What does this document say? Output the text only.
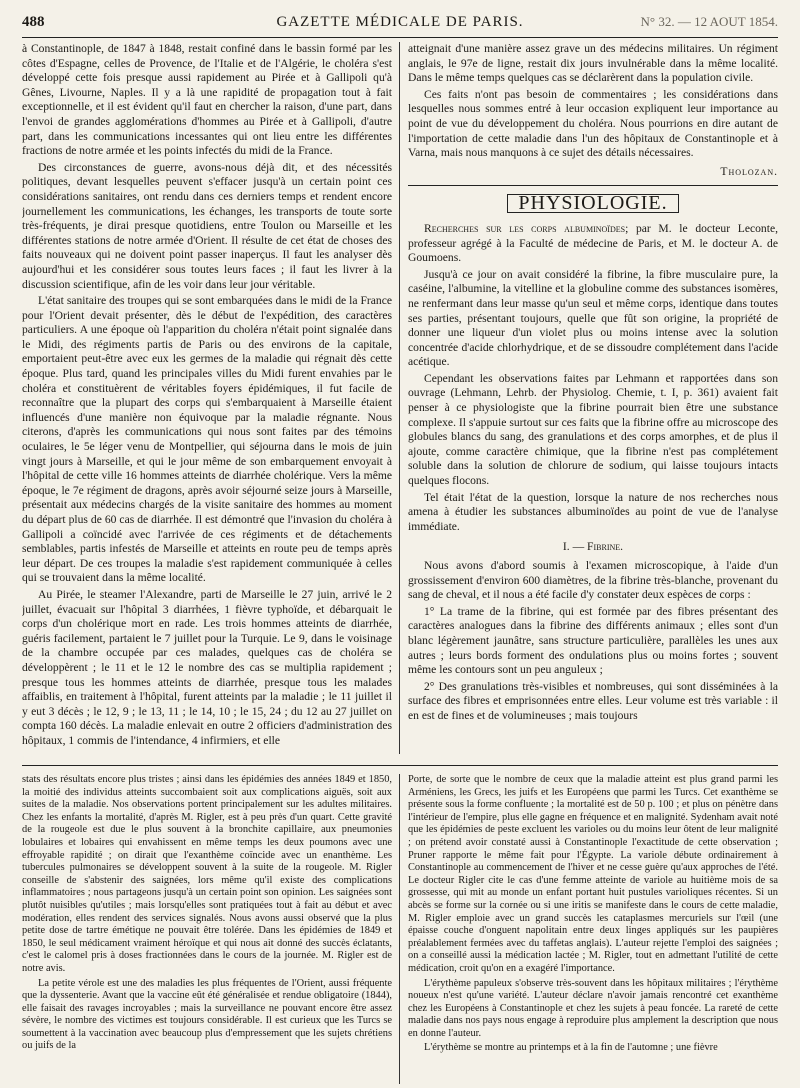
488	GAZETTE MÉDICALE DE PARIS.	N° 32. — 12 AOUT 1854.

à Constantinople, de 1847 à 1848, restait confiné dans le bassin formé par les côtes d'Espagne, celles de Provence, de l'Italie et de l'Algérie, le choléra s'est développé cette fois presque aussi rapidement au Pirée et à Gallipoli qu'à Gênes, Livourne, Naples. Il y a là une rapidité de propagation tout à fait exceptionnelle, et il est évident qu'il faut en chercher la raison, d'une part, dans l'envoi de grandes agglomérations d'hommes au Pirée et à Gallipoli, d'autre part, dans les communications incessantes qui ont lieu entre les différentes fractions de notre armée et les points infectés du midi de la France.

Des circonstances de guerre, avons-nous déjà dit, et des nécessités politiques, devant lesquelles peuvent s'effacer jusqu'à un certain point ces considérations sanitaires, ont rendu dans ces derniers temps et rendent encore journellement les communications, les échanges, les transports de toute sorte très-fréquents, je dirai presque quotidiens, entre Toulon ou Marseille et les différentes stations de notre armée d'Orient. Il résulte de cet état de choses des faits nouveaux qui ne doivent point passer inaperçus. Il faut les analyser dès aujourd'hui et les considérer sous toutes leurs faces ; il faut les livrer à la discussion scientifique, afin de les voir dans leur jour véritable.

L'état sanitaire des troupes qui se sont embarquées dans le midi de la France pour l'Orient devait présenter, dès le début de l'expédition, des caractères particuliers. A une époque où l'apparition du choléra n'était point signalée dans le Midi, des régiments partis de Paris ou des environs de la capitale, emportaient peut-être avec eux les germes de la maladie qui régnait dès cette époque. Plus tard, quand les principales villes du Midi furent envahies par le choléra et constituèrent de véritables foyers épidémiques, il fut facile de reconnaître que la plupart des corps qui s'embarquaient à Marseille étaient influencés d'une manière non équivoque par la maladie régnante. Nous citerons, d'après les communications qui nous sont faites par des témoins oculaires, le 5e léger venu de Montpellier, qui séjourna dans le mois de juin vingt jours à Marseille, et qui le jour même de son embarquement envoyait à l'hôpital de cette ville 16 hommes atteints de diarrhée cholérique. Vers la même époque, le 7e régiment de dragons, après avoir séjourné seize jours à Marseille, présentait aux médecins chargés de la visite sanitaire des hommes au moment du départ plus de 60 cas de diarrhée. Il est démontré que l'invasion du choléra à Gallipoli a coïncidé avec l'arrivée de ces régiments et de détachements semblables, partis infestés de Marseille et atteints en route peu de temps après leur départ. De ces troupes la maladie s'est rapidement communiquée à celles qui se trouvaient dans la même localité.

Au Pirée, le steamer l'Alexandre, parti de Marseille le 27 juin, arrivé le 2 juillet, évacuait sur l'hôpital 3 diarrhées, 1 fièvre typhoïde, et débarquait le corps d'un cholérique mort en rade. Les trois hommes atteints de diarrhée, guéris facilement, partaient le 7 juillet pour la Turquie. Le 9, dans le voisinage de la chambre occupée par ces malades, quelques cas de choléra se développèrent ; le 11 et le 12 le nombre des cas se multiplia rapidement ; presque tous les hommes atteints de diarrhée, presque tous les malades affaiblis, en traitement à l'hôpital, furent atteints par la maladie ; le 11 juillet il y eut 3 décès ; le 12, 9 ; le 13, 11 ; le 14, 10 ; le 15, 24 ; du 12 au 27 juillet on compta 160 décès. La maladie enlevait en outre 2 officiers d'administration des hôpitaux, 1 commis de l'intendance, 4 infirmiers, et elle

atteignait d'une manière assez grave un des médecins militaires. Un régiment anglais, le 97e de ligne, restait dix jours invulnérable dans la même localité. Dans le même temps quelques cas se déclarèrent dans la population civile.

Ces faits n'ont pas besoin de commentaires ; les considérations dans lesquelles nous sommes entré à leur occasion expliquent leur importance au point de vue du développement du choléra. Nous pourrions en dire autant de l'importation de cette maladie dans l'un des hôpitaux de Constantinople et à Varna, mais nous manquons à ce sujet des détails nécessaires.

Tholozan.
PHYSIOLOGIE.

Recherches sur les corps albuminoïdes; par M. le docteur Leconte, professeur agrégé à la Faculté de médecine de Paris, et M. le docteur A. de Goumoens.

Jusqu'à ce jour on avait considéré la fibrine, la fibre musculaire pure, la caséine, l'albumine, la vitelline et la globuline comme des substances isomères, ne renfermant dans leur masse qu'un seul et même corps, identique dans toutes ses parties, présentant toujours, quelle que fût son origine, la propriété de donner une liqueur d'un violet plus ou moins intense avec la solution concentrée d'acide chlorhydrique, et de se dissoudre complétement dans l'acide acétique.

Cependant les observations faites par Lehmann et rapportées dans son ouvrage (Lehmann, Lehrb. der Physiolog. Chemie, t. I, p. 361) avaient fait penser à ce physiologiste que la fibrine pourrait bien être une substance complexe. Il s'appuie surtout sur ces faits que la fibrine offre au microscope des globules blancs du sang, des granulations et des corps amorphes, et de plus il ajoute, comme caractère chimique, que la fibrine n'est pas complétement soluble dans la solution de chlorure de sodium, qui laisse toujours intacts quelques flocons.

Tel était l'état de la question, lorsque la nature de nos recherches nous amena à étudier les substances albuminoïdes au point de vue de l'analyse immédiate.

I. — Fibrine.

Nous avons d'abord soumis à l'examen microscopique, à l'aide d'un grossissement d'environ 600 diamètres, de la fibrine très-blanche, provenant du sang de cheval, et il nous a été facile d'y constater deux espèces de corps :

1° La trame de la fibrine, qui est formée par des fibres présentant des caractères analogues dans la fibrine des différents animaux ; elles sont d'un blanc légèrement jaunâtre, sans structure particulière, parallèles les unes aux autres ; leurs bords forment des ondulations plus ou moins fortes ; souvent même les contours sont un peu anguleux ;

2° Des granulations très-visibles et nombreuses, qui sont disséminées à la surface des fibres et emprisonnées entre elles. Leur volume est très variable : il en est de fines et de volumineuses ; mais toujours

stats des résultats encore plus tristes ; ainsi dans les épidémies des années 1849 et 1850, la moitié des individus atteints succombaient soit aux complications aiguës, soit aux suites de la maladie. Nos observations portent principalement sur les adultes militaires. Chez les enfants la mortalité, d'après M. Rigler, est à peu près d'un quart. Cette gravité de la rougeole est due le plus souvent à la bronchite capillaire, aux pneumonies lobulaires et lobaires qui envahissent en même temps les deux poumons avec une effroyable rapidité ; on dirait que l'exanthème coïncide avec un enanthème. Les tubercules pulmonaires se développent souvent à la suite de la rougeole. M. Rigler conseille de s'abstenir des saignées, lors même qu'il existe des complications inflammatoires ; nous partageons jusqu'à un certain point son opinion. Les saignées sont plutôt nuisibles qu'utiles ; mais lorsqu'elles sont pratiquées tout à fait au début et avec modération, elles rendent des services signalés. Nous avons aussi observé que la plus petite dose de tartre émétique ne pouvait être tolérée. Dans les épidémies de 1849 et 1850, le seul médicament vraiment héroïque et qui nous ait donné des succès éclatants, c'est le calomel pris à doses fractionnées dans le cours de la journée. M. Rigler est de notre avis.

La petite vérole est une des maladies les plus fréquentes de l'Orient, aussi fréquente que la dyssenterie. Avant que la vaccine eût été généralisée et rendue obligatoire (1844), elle faisait des ravages incroyables ; mais la surveillance ne pouvant encore être assez sévère, le nombre des victimes est toujours considérable. Il est curieux que les Turcs se soumettent à la vaccination avec beaucoup plus d'empressement que les sujets chrétiens ou juifs de la

Porte, de sorte que le nombre de ceux que la maladie atteint est plus grand parmi les Arméniens, les Grecs, les juifs et les Européens que parmi les Turcs. Cet exanthème se présente sous la forme confluente ; la mortalité est de 50 p. 100 ; et plus on pénètre dans l'intérieur de l'empire, plus elle gagne en fréquence et en malignité. Sydenham avait noté que les épidémies de peste excluent les varioles ou du moins leur ôtent de leur malignité ; on prétend avoir constaté aussi à Constantinople l'exactitude de cette observation ; Pruner rapporte le même fait pour l'Égypte. La variole débute ordinairement à Constantinople au commencement de l'hiver et ne cesse guère qu'aux approches de l'été. Le docteur Rigler cite le cas d'une femme atteinte de variole au huitième mois de sa grossesse, qui mit au monde un enfant portant huit pustules varioliques récentes. Si un abcès se forme sur la cornée ou si une iritis se manifeste dans le cours de cette maladie, M. Rigler emploie avec un grand succès les cataplasmes mercuriels sur l'œil (une épaisse couche d'onguent napolitain entre deux linges appliqués sur les paupières préalablement fermées avec du taffetas anglais). L'auteur rejette l'emploi des saignées ; on a conseillé aussi la médication lactée ; M. Rigler, tout en admettant l'utilité de cette médication, croit qu'on en a exagéré l'importance.

L'érythème papuleux s'observe très-souvent dans les hôpitaux militaires ; l'érythème noueux n'est qu'une variété. L'auteur déclare n'avoir jamais rencontré cet exanthème chez les Européens à Constantinople et chez les sujets à peau foncée. La rareté de cette maladie dans nos pays nous engage à reproduire plus amplement la description que nous en donne l'auteur.

L'érythème se montre au printemps et à la fin de l'automne ; une fièvre
